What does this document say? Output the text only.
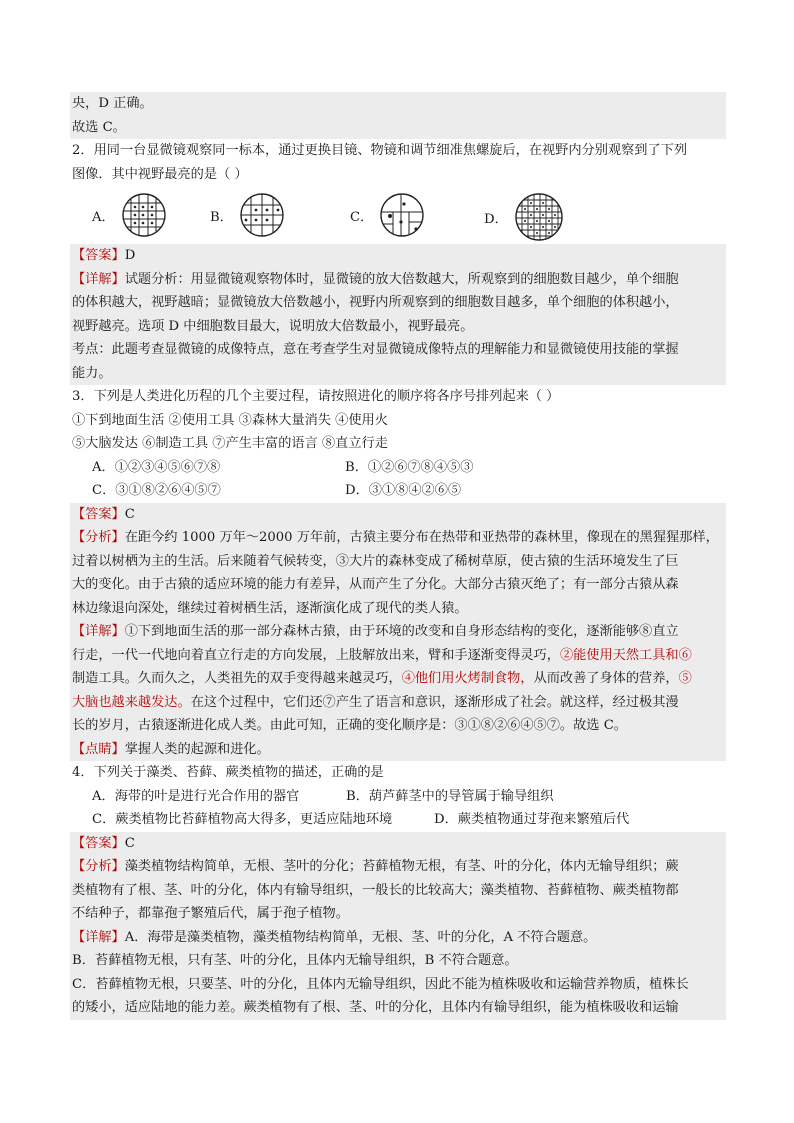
央，D 正确。
故选 C。
2．用同一台显微镜观察同一标本，通过更换目镜、物镜和调节细准焦螺旋后，在视野内分别观察到了下列
图像．其中视野最亮的是（ ）
A．	B．	C．	D．
【答案】D
【详解】试题分析：用显微镜观察物体时，显微镜的放大倍数越大，所观察到的细胞数目越少，单个细胞
的体积越大，视野越暗；显微镜放大倍数越小，视野内所观察到的细胞数目越多，单个细胞的体积越小，
视野越亮。选项 D 中细胞数目最大，说明放大倍数最小，视野最亮。
考点：此题考查显微镜的成像特点，意在考查学生对显微镜成像特点的理解能力和显微镜使用技能的掌握
能力。
3．下列是人类进化历程的几个主要过程，请按照进化的顺序将各序号排列起来（ ）
①下到地面生活 ②使用工具 ③森林大量消失 ④使用火
⑤大脑发达 ⑥制造工具 ⑦产生丰富的语言 ⑧直立行走
A．①②③④⑤⑥⑦⑧	B．①②⑥⑦⑧④⑤③
C．③①⑧②⑥④⑤⑦	D．③①⑧④②⑥⑤
【答案】C
【分析】在距今约 1000 万年～2000 万年前，古猿主要分布在热带和亚热带的森林里，像现在的黑猩猩那样，
过着以树栖为主的生活。后来随着气候转变，③大片的森林变成了稀树草原，使古猿的生活环境发生了巨
大的变化。由于古猿的适应环境的能力有差异，从而产生了分化。大部分古猿灭绝了；有一部分古猿从森
林边缘退向深处，继续过着树栖生活，逐渐演化成了现代的类人猿。
【详解】①下到地面生活的那一部分森林古猿，由于环境的改变和自身形态结构的变化，逐渐能够⑧直立
行走，一代一代地向着直立行走的方向发展，上肢解放出来，臂和手逐渐变得灵巧，②能使用天然工具和⑥
制造工具。久而久之，人类祖先的双手变得越来越灵巧，④他们用火烤制食物，从而改善了身体的营养，⑤
大脑也越来越发达。在这个过程中，它们还⑦产生了语言和意识，逐渐形成了社会。就这样，经过极其漫
长的岁月，古猿逐渐进化成人类。由此可知，正确的变化顺序是：③①⑧②⑥④⑤⑦。故选 C。
【点睛】掌握人类的起源和进化。
4．下列关于藻类、苔藓、蕨类植物的描述，正确的是
A．海带的叶是进行光合作用的器官	B．葫芦藓茎中的导管属于输导组织
C．蕨类植物比苔藓植物高大得多，更适应陆地环境	D．蕨类植物通过芽孢来繁殖后代
【答案】C
【分析】藻类植物结构简单，无根、茎叶的分化；苔藓植物无根，有茎、叶的分化，体内无输导组织；蕨
类植物有了根、茎、叶的分化，体内有输导组织，一般长的比较高大；藻类植物、苔藓植物、蕨类植物都
不结种子，都靠孢子繁殖后代，属于孢子植物。
【详解】A．海带是藻类植物，藻类植物结构简单，无根、茎、叶的分化，A 不符合题意。
B．苔藓植物无根，只有茎、叶的分化，且体内无输导组织，B 不符合题意。
C．苔藓植物无根，只要茎、叶的分化，且体内无输导组织，因此不能为植株吸收和运输营养物质，植株长
的矮小，适应陆地的能力差。蕨类植物有了根、茎、叶的分化，且体内有输导组织，能为植株吸收和运输
